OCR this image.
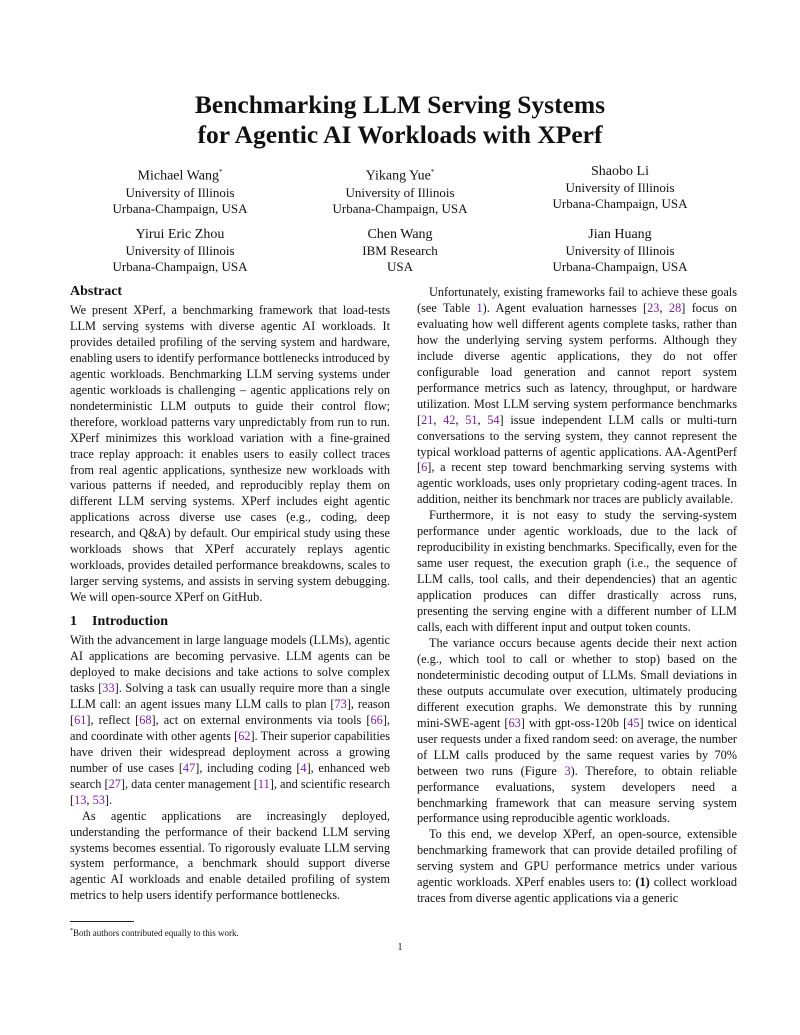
Benchmarking LLM Serving Systems
for Agentic AI Workloads with XPerf
Michael Wang*
University of Illinois
Urbana-Champaign, USA
Yikang Yue*
University of Illinois
Urbana-Champaign, USA
Shaobo Li
University of Illinois
Urbana-Champaign, USA
Yirui Eric Zhou
University of Illinois
Urbana-Champaign, USA
Chen Wang
IBM Research
USA
Jian Huang
University of Illinois
Urbana-Champaign, USA
Abstract

We present XPerf, a benchmarking framework that load-tests LLM serving systems with diverse agentic AI workloads. It provides detailed profiling of the serving system and hardware, enabling users to identify performance bottlenecks introduced by agentic workloads. Benchmarking LLM serving systems under agentic workloads is challenging – agentic applications rely on nondeterministic LLM outputs to guide their control flow; therefore, workload patterns vary unpredictably from run to run. XPerf minimizes this workload variation with a fine-grained trace replay approach: it enables users to easily collect traces from real agentic applications, synthesize new workloads with various patterns if needed, and reproducibly replay them on different LLM serving systems. XPerf includes eight agentic applications across diverse use cases (e.g., coding, deep research, and Q&A) by default. Our empirical study using these workloads shows that XPerf accurately replays agentic workloads, provides detailed performance breakdowns, scales to larger serving systems, and assists in serving system debugging. We will open-source XPerf on GitHub.

1 Introduction

With the advancement in large language models (LLMs), agentic AI applications are becoming pervasive. LLM agents can be deployed to make decisions and take actions to solve complex tasks [33]. Solving a task can usually require more than a single LLM call: an agent issues many LLM calls to plan [73], reason [61], reflect [68], act on external environments via tools [66], and coordinate with other agents [62]. Their superior capabilities have driven their widespread deployment across a growing number of use cases [47], including coding [4], enhanced web search [27], data center management [11], and scientific research [13, 53].

As agentic applications are increasingly deployed, understanding the performance of their backend LLM serving systems becomes essential. To rigorously evaluate LLM serving system performance, a benchmark should support diverse agentic AI workloads and enable detailed profiling of system metrics to help users identify performance bottlenecks.

Unfortunately, existing frameworks fail to achieve these goals (see Table 1). Agent evaluation harnesses [23, 28] focus on evaluating how well different agents complete tasks, rather than how the underlying serving system performs. Although they include diverse agentic applications, they do not offer configurable load generation and cannot report system performance metrics such as latency, throughput, or hardware utilization. Most LLM serving system performance benchmarks [21, 42, 51, 54] issue independent LLM calls or multi-turn conversations to the serving system, they cannot represent the typical workload patterns of agentic applications. AA-AgentPerf [6], a recent step toward benchmarking serving systems with agentic workloads, uses only proprietary coding-agent traces. In addition, neither its benchmark nor traces are publicly available.

Furthermore, it is not easy to study the serving-system performance under agentic workloads, due to the lack of reproducibility in existing benchmarks. Specifically, even for the same user request, the execution graph (i.e., the sequence of LLM calls, tool calls, and their dependencies) that an agentic application produces can differ drastically across runs, presenting the serving engine with a different number of LLM calls, each with different input and output token counts.

The variance occurs because agents decide their next action (e.g., which tool to call or whether to stop) based on the nondeterministic decoding output of LLMs. Small deviations in these outputs accumulate over execution, ultimately producing different execution graphs. We demonstrate this by running mini-SWE-agent [63] with gpt-oss-120b [45] twice on identical user requests under a fixed random seed: on average, the number of LLM calls produced by the same request varies by 70% between two runs (Figure 3). Therefore, to obtain reliable performance evaluations, system developers need a benchmarking framework that can measure serving system performance using reproducible agentic workloads.

To this end, we develop XPerf, an open-source, extensible benchmarking framework that can provide detailed profiling of serving system and GPU performance metrics under various agentic workloads. XPerf enables users to: (1) collect workload traces from diverse agentic applications via a generic

*Both authors contributed equally to this work.
1
